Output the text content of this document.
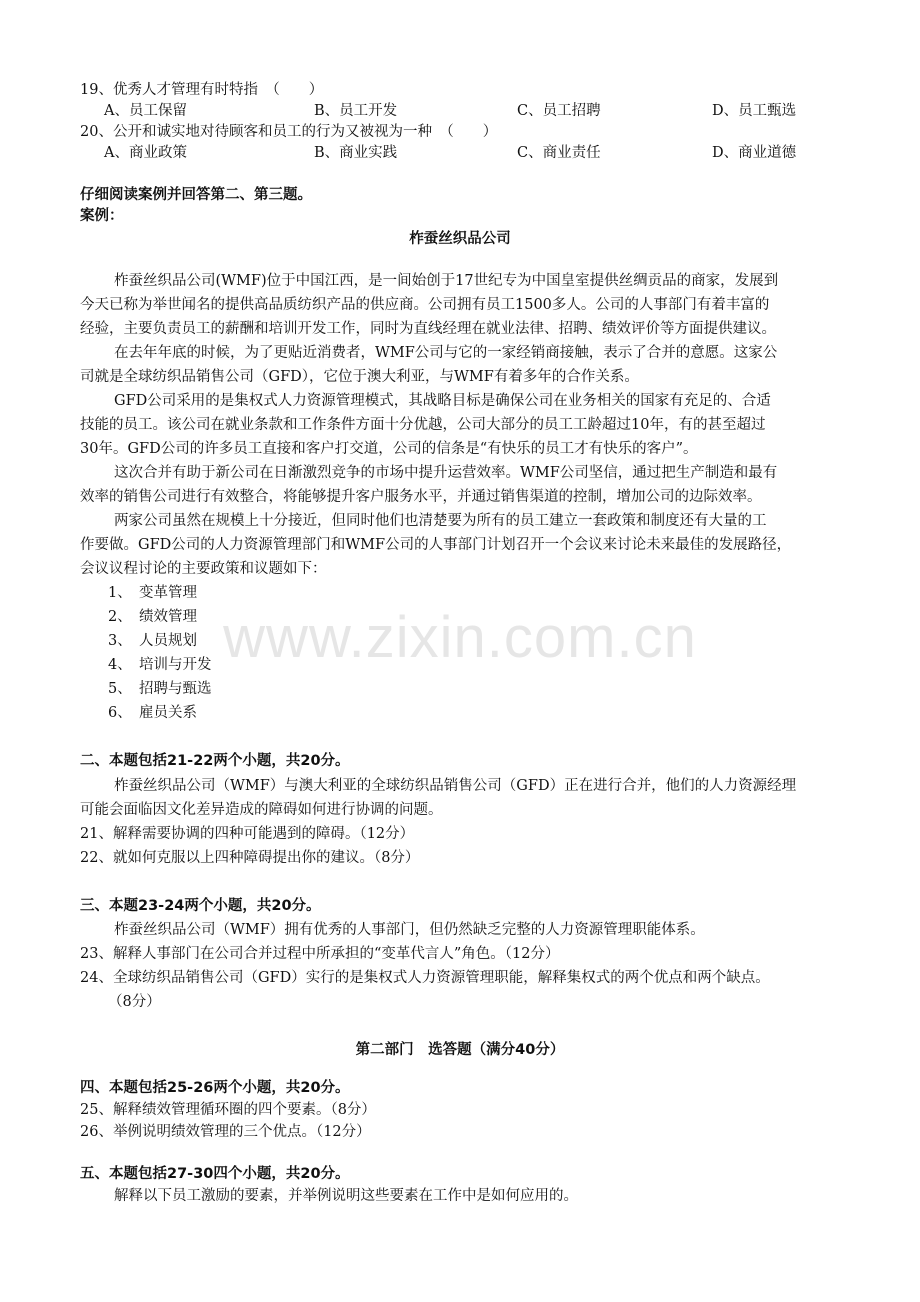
www.zixin.com.cn
19、优秀人才管理有时特指　（　　）
A、员工保留	B、员工开发	C、员工招聘	D、员工甄选
20、公开和诚实地对待顾客和员工的行为又被视为一种　（　　）
A、商业政策	B、商业实践	C、商业责任	D、商业道德
仔细阅读案例并回答第二、第三题。
案例：
柞蚕丝织品公司
柞蚕丝织品公司(WMF)位于中国江西，是一间始创于17世纪专为中国皇室提供丝绸贡品的商家，发展到
今天已称为举世闻名的提供高品质纺织产品的供应商。公司拥有员工1500多人。公司的人事部门有着丰富的
经验，主要负责员工的薪酬和培训开发工作，同时为直线经理在就业法律、招聘、绩效评价等方面提供建议。
在去年年底的时候，为了更贴近消费者，WMF公司与它的一家经销商接触，表示了合并的意愿。这家公
司就是全球纺织品销售公司（GFD），它位于澳大利亚，与WMF有着多年的合作关系。
GFD公司采用的是集权式人力资源管理模式，其战略目标是确保公司在业务相关的国家有充足的、合适
技能的员工。该公司在就业条款和工作条件方面十分优越，公司大部分的员工工龄超过10年，有的甚至超过
30年。GFD公司的许多员工直接和客户打交道，公司的信条是“有快乐的员工才有快乐的客户”。
这次合并有助于新公司在日渐激烈竞争的市场中提升运营效率。WMF公司坚信，通过把生产制造和最有
效率的销售公司进行有效整合，将能够提升客户服务水平，并通过销售渠道的控制，增加公司的边际效率。
两家公司虽然在规模上十分接近，但同时他们也清楚要为所有的员工建立一套政策和制度还有大量的工
作要做。GFD公司的人力资源管理部门和WMF公司的人事部门计划召开一个会议来讨论未来最佳的发展路径，
会议议程讨论的主要政策和议题如下：
1、　变革管理
2、　绩效管理
3、　人员规划
4、　培训与开发
5、　招聘与甄选
6、　雇员关系
二、本题包括21-22两个小题，共20分。
柞蚕丝织品公司（WMF）与澳大利亚的全球纺织品销售公司（GFD）正在进行合并，他们的人力资源经理
可能会面临因文化差异造成的障碍如何进行协调的问题。
21、解释需要协调的四种可能遇到的障碍。（12分）
22、就如何克服以上四种障碍提出你的建议。（8分）
三、本题23-24两个小题，共20分。
柞蚕丝织品公司（WMF）拥有优秀的人事部门，但仍然缺乏完整的人力资源管理职能体系。
23、解释人事部门在公司合并过程中所承担的“变革代言人”角色。（12分）
24、全球纺织品销售公司（GFD）实行的是集权式人力资源管理职能，解释集权式的两个优点和两个缺点。
（8分）
第二部门　选答题（满分40分）
四、本题包括25-26两个小题，共20分。
25、解释绩效管理循环圈的四个要素。（8分）
26、举例说明绩效管理的三个优点。（12分）
五、本题包括27-30四个小题，共20分。
解释以下员工激励的要素，并举例说明这些要素在工作中是如何应用的。
